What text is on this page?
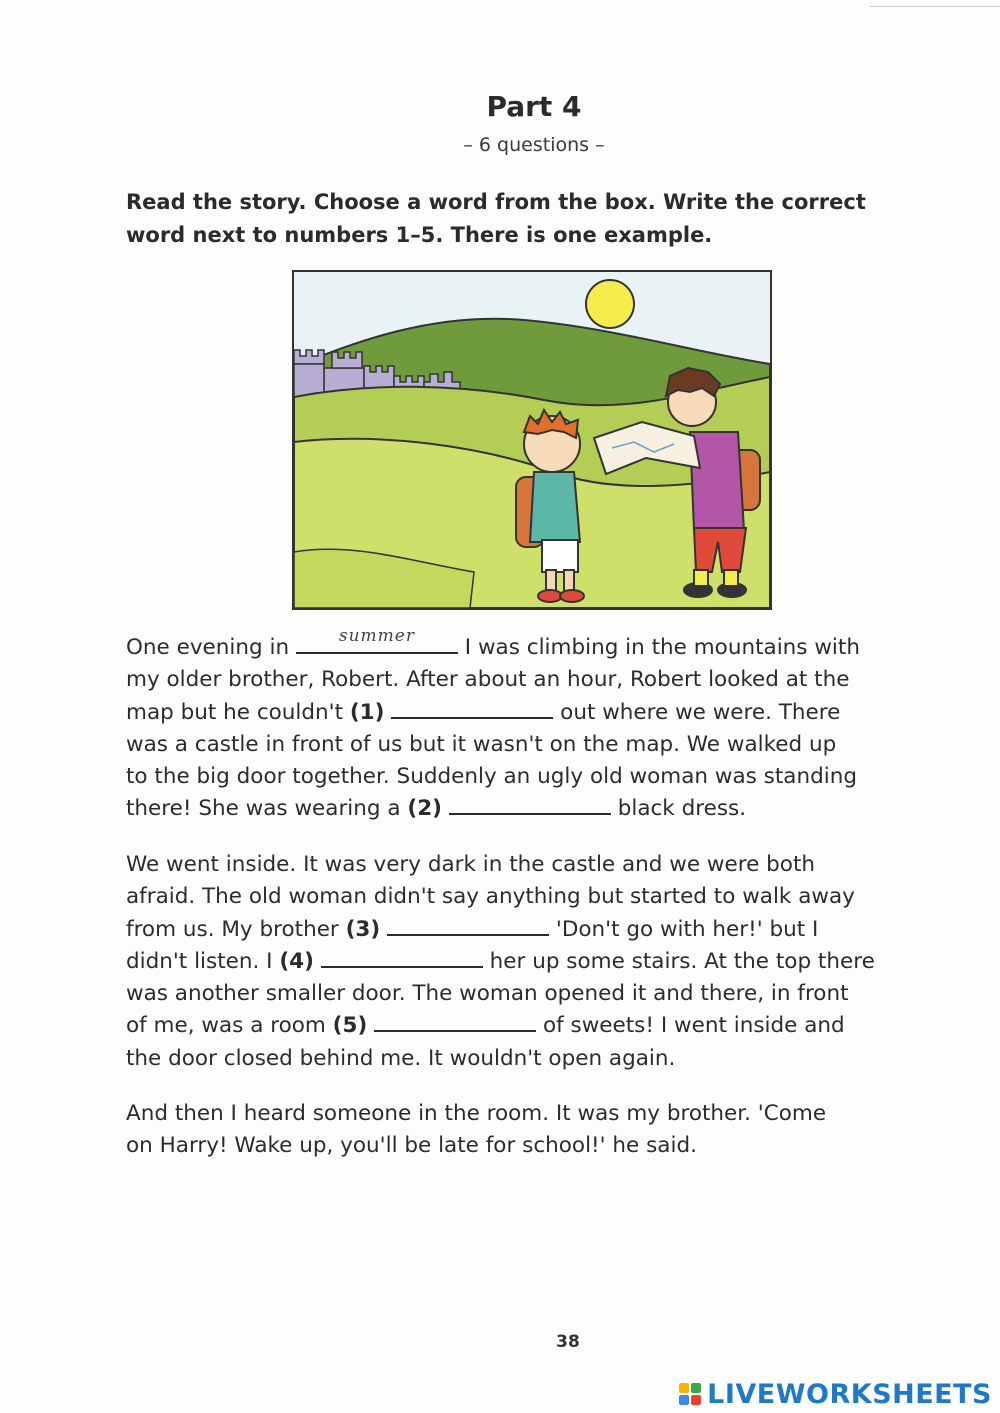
Part 4
– 6 questions –
Read the story. Choose a word from the box. Write the correct
word next to numbers 1–5. There is one example.
One evening in	summer	I was climbing in the mountains with
my older brother, Robert. After about an hour, Robert looked at the
map but he couldn't (1)	out where we were. There
was a castle in front of us but it wasn't on the map. We walked up
to the big door together. Suddenly an ugly old woman was standing
there! She was wearing a (2)	black dress.
We went inside. It was very dark in the castle and we were both
afraid. The old woman didn't say anything but started to walk away
from us. My brother (3)	'Don't go with her!' but I
didn't listen. I (4)	her up some stairs. At the top there
was another smaller door. The woman opened it and there, in front
of me, was a room (5)	of sweets! I went inside and
the door closed behind me. It wouldn't open again.
And then I heard someone in the room. It was my brother. 'Come
on Harry! Wake up, you'll be late for school!' he said.
38
LIVEWORKSHEETS
